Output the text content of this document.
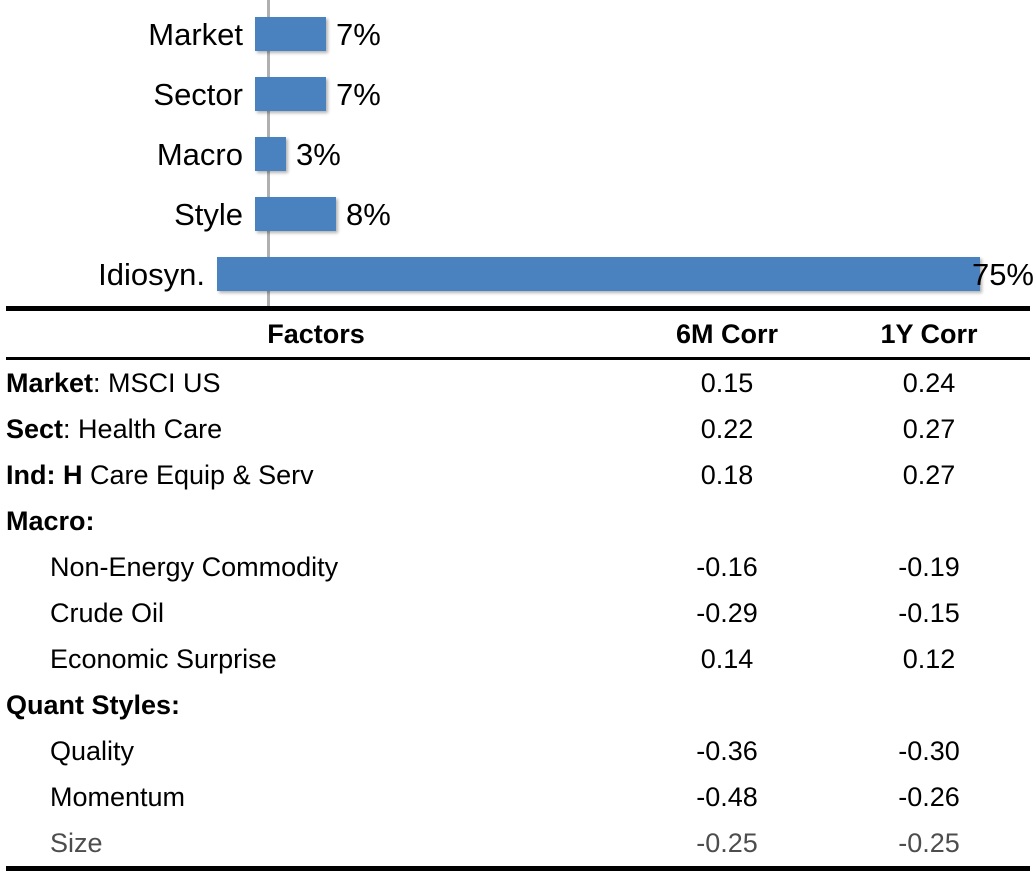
Market	7%
Sector	7%
Macro	3%
Style	8%
Idiosyn.	75%
Factors	6M Corr	1Y Corr
Market: MSCI US	0.15	0.24
Sect: Health Care	0.22	0.27
Ind: H Care Equip & Serv	0.18	0.27
Macro:		
Non-Energy Commodity	-0.16	-0.19
Crude Oil	-0.29	-0.15
Economic Surprise	0.14	0.12
Quant Styles:		
Quality	-0.36	-0.30
Momentum	-0.48	-0.26
Size	-0.25	-0.25
